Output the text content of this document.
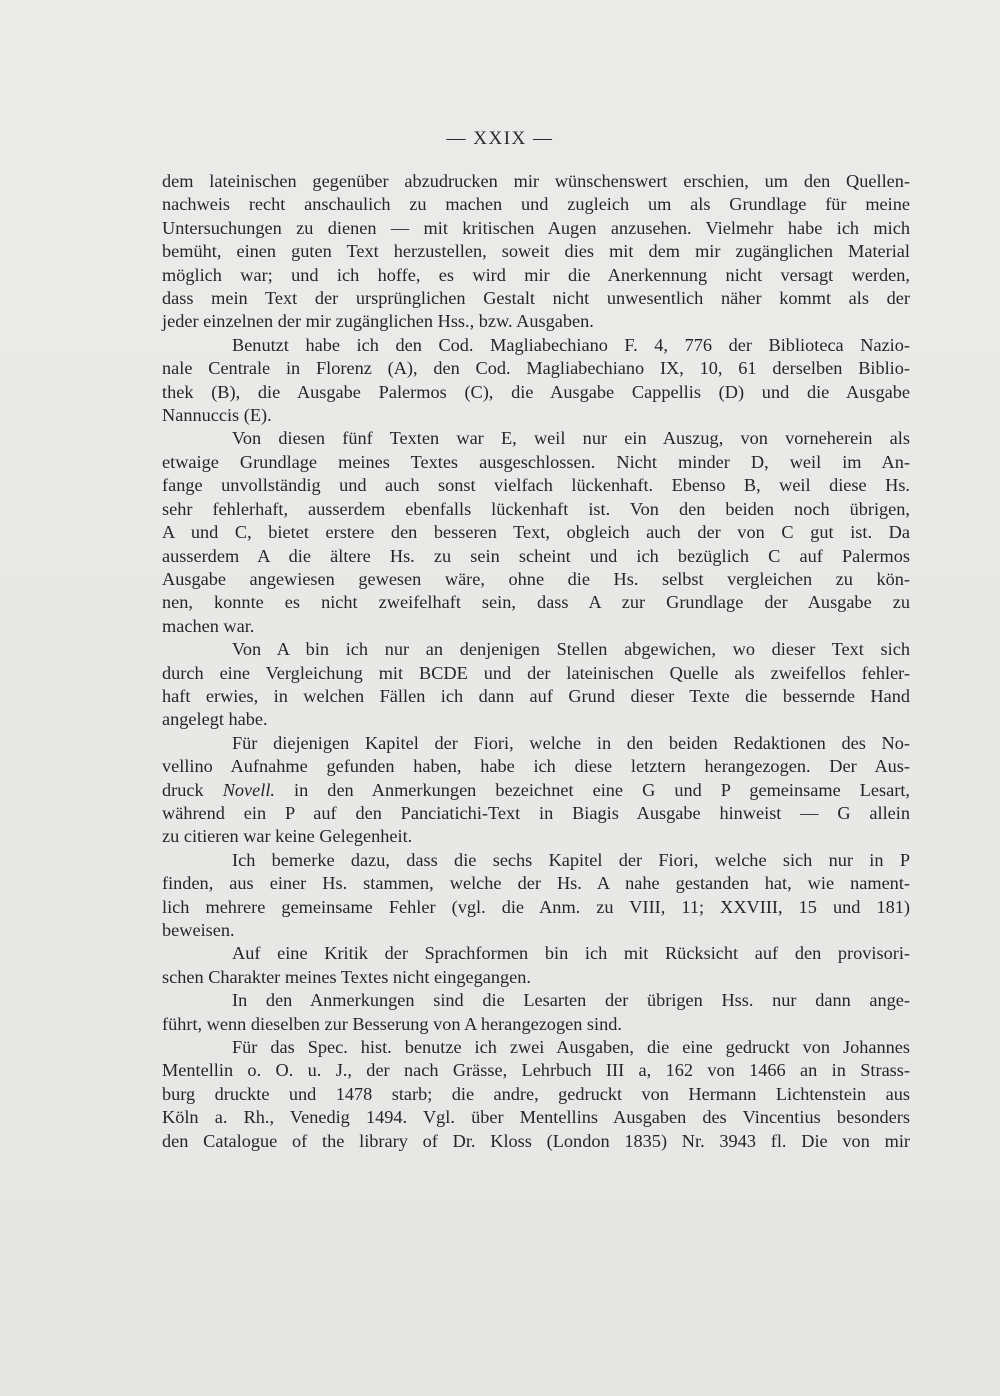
— XXIX —
dem lateinischen gegenüber abzudrucken mir wünschenswert erschien, um den Quellen-
nachweis recht anschaulich zu machen und zugleich um als Grundlage für meine
Untersuchungen zu dienen — mit kritischen Augen anzusehen. Vielmehr habe ich mich
bemüht, einen guten Text herzustellen, soweit dies mit dem mir zugänglichen Material
möglich war; und ich hoffe, es wird mir die Anerkennung nicht versagt werden,
dass mein Text der ursprünglichen Gestalt nicht unwesentlich näher kommt als der
jeder einzelnen der mir zugänglichen Hss., bzw. Ausgaben.
Benutzt habe ich den Cod. Magliabechiano F. 4, 776 der Biblioteca Nazio-
nale Centrale in Florenz (A), den Cod. Magliabechiano IX, 10, 61 derselben Biblio-
thek (B), die Ausgabe Palermos (C), die Ausgabe Cappellis (D) und die Ausgabe
Nannuccis (E).
Von diesen fünf Texten war E, weil nur ein Auszug, von vorneherein als
etwaige Grundlage meines Textes ausgeschlossen. Nicht minder D, weil im An-
fange unvollständig und auch sonst vielfach lückenhaft. Ebenso B, weil diese Hs.
sehr fehlerhaft, ausserdem ebenfalls lückenhaft ist. Von den beiden noch übrigen,
A und C, bietet erstere den besseren Text, obgleich auch der von C gut ist. Da
ausserdem A die ältere Hs. zu sein scheint und ich bezüglich C auf Palermos
Ausgabe angewiesen gewesen wäre, ohne die Hs. selbst vergleichen zu kön-
nen, konnte es nicht zweifelhaft sein, dass A zur Grundlage der Ausgabe zu
machen war.
Von A bin ich nur an denjenigen Stellen abgewichen, wo dieser Text sich
durch eine Vergleichung mit BCDE und der lateinischen Quelle als zweifellos fehler-
haft erwies, in welchen Fällen ich dann auf Grund dieser Texte die bessernde Hand
angelegt habe.
Für diejenigen Kapitel der Fiori, welche in den beiden Redaktionen des No-
vellino Aufnahme gefunden haben, habe ich diese letztern herangezogen. Der Aus-
druck Novell. in den Anmerkungen bezeichnet eine G und P gemeinsame Lesart,
während ein P auf den Panciatichi-Text in Biagis Ausgabe hinweist — G allein
zu citieren war keine Gelegenheit.
Ich bemerke dazu, dass die sechs Kapitel der Fiori, welche sich nur in P
finden, aus einer Hs. stammen, welche der Hs. A nahe gestanden hat, wie nament-
lich mehrere gemeinsame Fehler (vgl. die Anm. zu VIII, 11; XXVIII, 15 und 181)
beweisen.
Auf eine Kritik der Sprachformen bin ich mit Rücksicht auf den provisori-
schen Charakter meines Textes nicht eingegangen.
In den Anmerkungen sind die Lesarten der übrigen Hss. nur dann ange-
führt, wenn dieselben zur Besserung von A herangezogen sind.
Für das Spec. hist. benutze ich zwei Ausgaben, die eine gedruckt von Johannes
Mentellin o. O. u. J., der nach Grässe, Lehrbuch III a, 162 von 1466 an in Strass-
burg druckte und 1478 starb; die andre, gedruckt von Hermann Lichtenstein aus
Köln a. Rh., Venedig 1494. Vgl. über Mentellins Ausgaben des Vincentius besonders
den Catalogue of the library of Dr. Kloss (London 1835) Nr. 3943 fl. Die von mir
